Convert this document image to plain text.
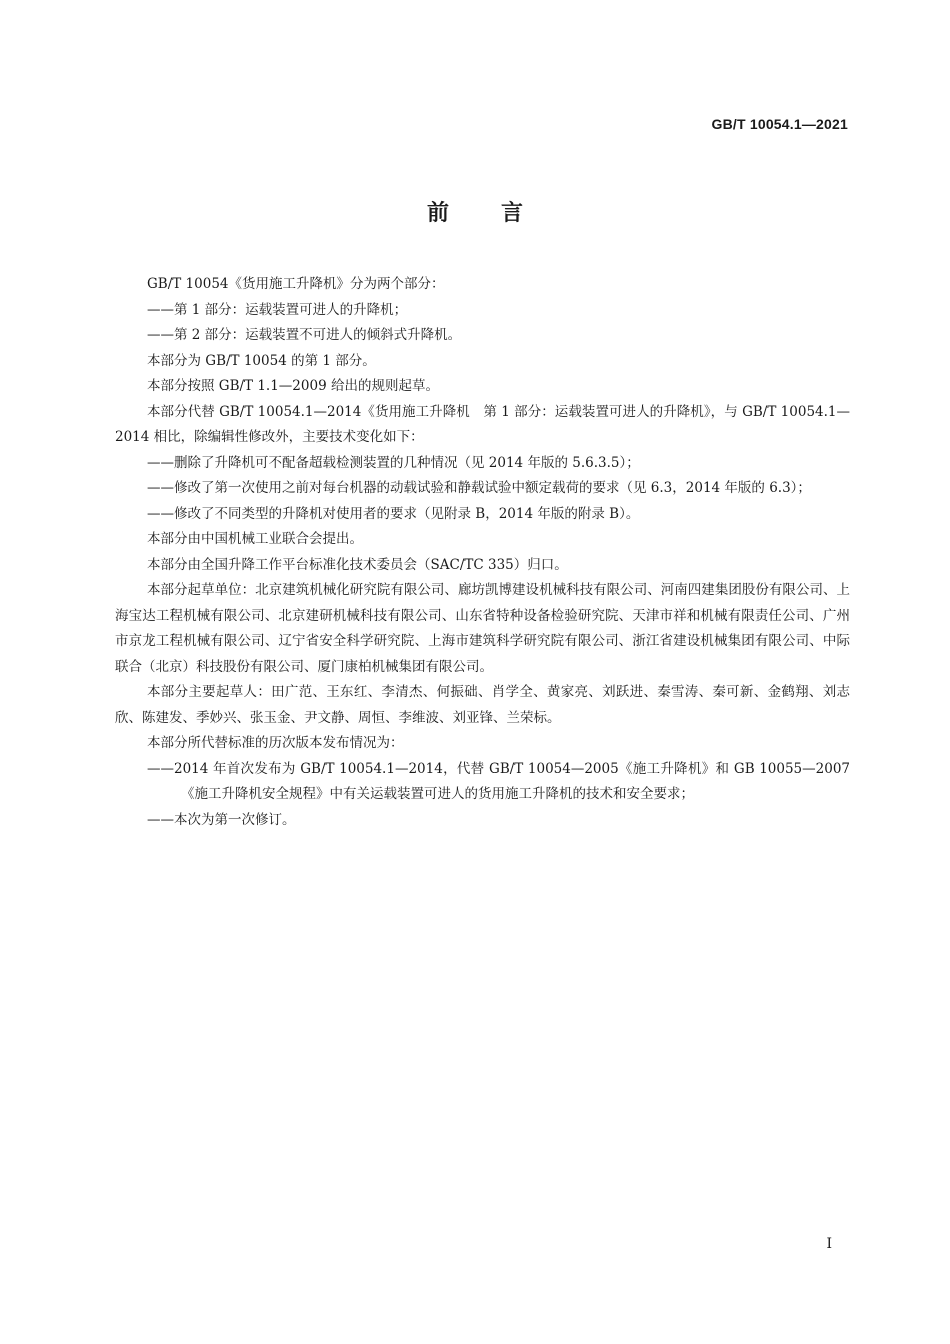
GB/T 10054.1—2021
前言

GB/T 10054《货用施工升降机》分为两个部分：

——第 1 部分：运载装置可进人的升降机；

——第 2 部分：运载装置不可进人的倾斜式升降机。

本部分为 GB/T 10054 的第 1 部分。

本部分按照 GB/T 1.1—2009 给出的规则起草。

本部分代替 GB/T 10054.1—2014《货用施工升降机　第 1 部分：运载装置可进人的升降机》，与 GB/T 10054.1—2014 相比，除编辑性修改外，主要技术变化如下：

——删除了升降机可不配备超载检测装置的几种情况（见 2014 年版的 5.6.3.5）；

——修改了第一次使用之前对每台机器的动载试验和静载试验中额定载荷的要求（见 6.3，2014 年版的 6.3）；

——修改了不同类型的升降机对使用者的要求（见附录 B，2014 年版的附录 B）。

本部分由中国机械工业联合会提出。

本部分由全国升降工作平台标准化技术委员会（SAC/TC 335）归口。

本部分起草单位：北京建筑机械化研究院有限公司、廊坊凯博建设机械科技有限公司、河南四建集团股份有限公司、上海宝达工程机械有限公司、北京建研机械科技有限公司、山东省特种设备检验研究院、天津市祥和机械有限责任公司、广州市京龙工程机械有限公司、辽宁省安全科学研究院、上海市建筑科学研究院有限公司、浙江省建设机械集团有限公司、中际联合（北京）科技股份有限公司、厦门康柏机械集团有限公司。

本部分主要起草人：田广范、王东红、李清杰、何振础、肖学全、黄家亮、刘跃进、秦雪涛、秦可新、金鹤翔、刘志欣、陈建发、季妙兴、张玉金、尹文静、周恒、李维波、刘亚锋、兰荣标。

本部分所代替标准的历次版本发布情况为：

——2014 年首次发布为 GB/T 10054.1—2014，代替 GB/T 10054—2005《施工升降机》和 GB 10055—2007《施工升降机安全规程》中有关运载装置可进人的货用施工升降机的技术和安全要求；

——本次为第一次修订。

I
